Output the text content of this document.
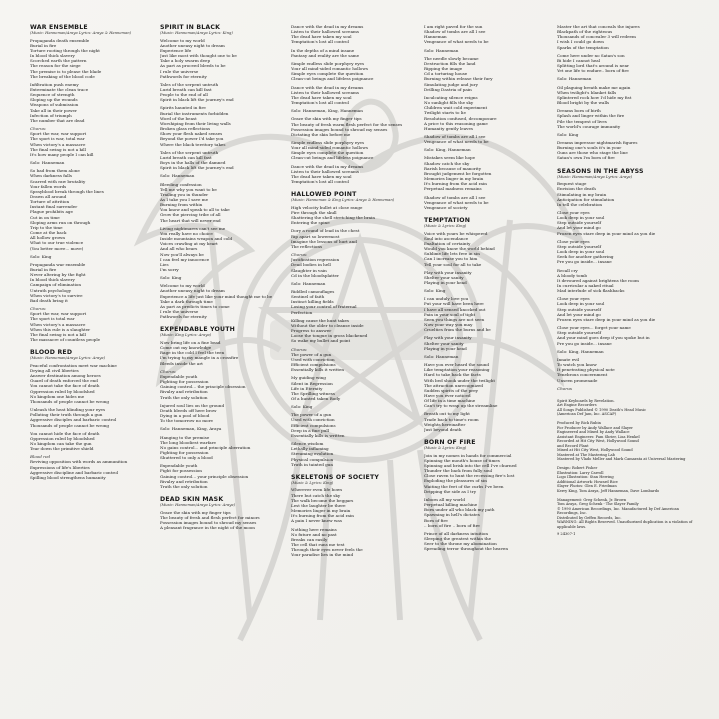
WAR ENSEMBLE
(Music: Hanneman/Araya Lyrics: Araya & Hanneman)
Propaganda death ensemble
Burial in fire
Torture rooting through the night
In blood thick slavery
Scorched earth the pattern
The reason for the siege
The premise is to please the blade
The breaking of the blood code
Infiltration push enemy
Exterminate the clean trace
Sequence of strength
Sloping up the wounds
Weapons of submission
Take all in their power
Infection of triumph
The number that are dead
Chorus:
Sport the war, war support
The sport is war, total war
When victory's a massacre
The final swing is not a kill
It's how many people I can kill
Solo: Hanneman
So bad from them alone
When darkness falls
Scarred with raw brutality
Your fallen words
Sprayblood break through the lines
Drawn all around
Torture of attrition
Instant final surrender
Plague prohibits age
Cut in on time
Sloping arms run on through
Trip to the time
Come at the back
All hollow grown
What to our true violence
(You better move... move)
Solo: King
Propaganda war ensemble
Burial in fire
Never altering by the fight
In blood thick slavery
Campaign of elimination
Untruth psychology
When victory's to survive
Bad death bring it
Chorus:
Sport the war, war support
The sport is total war
When victory's a massacre
When this rule is a slaughter
The final swing is not a kill
The massacre of countless people
BLOOD RED
(Music: Hanneman/Araya Lyrics: Araya)
Peaceful confrontation meet war machine
Drying all civil liberties
Answer destination among heroes
Guard of death enforced the end
You cannot take the face of death
Oppression ruled by bloodshed
No kingdom one hides me
Thousands of people cannot be wrong
Unleash the heat blinding your eyes
Polluting their truth through a gun
Aggressive disciples and barbaric control
Thousands of people cannot be wrong
You cannot hide the face of death
Oppression ruled by bloodshed
No kingdom can take the gun
Tear down the primitive shield
Blood red
Reviving opposition with words as ammunition
Expressions of life's liberties
Aggressive discipline and barbaric control
Spilling blood strengthens humanity
SPIRIT IN BLACK
(Music: Hanneman/Araya Lyrics: King)
Welcome to my world
Another uneasy night to dream
Experience life
Just like most with thought one to be
Take a holy swarm deep
As part as proceed bleeds to be
I rule the universe
Pathwords for eternity
Tales of the serpent untruth
Lurid breath can kill fast
People to the end of all
Spirit in black lift the journey's end
Spirits haunted in fire
Burial the instruments forbidden
Word of the beast
Worshiping from their living walls
Broken glass reflections
Show your flesh naked senses
Beyond the power I'd take you
Where the black territory takes
Tales of the serpent untruth
Lurid breath can kill fast
Boys in the halls of the damned
Spirit in black lift the journey's end
Solo: Hanneman
Bleeding confession
Tell me why you want to be
Trailing you in thunder
As I take you I save me
Burning from within
You know and speak to all to take
Grow the piercing tribe of all
The heart that will never end
Living nightmares can't see me
You really have no choice
Inside mountains weapon and cold
Voices crawling at my heart
And all who bears
Now you'll always be
I can feel my innocence
Lies
I'm sorry
Solo: King
Welcome to my world
Another uneasy night to dream
Experience a life just like your mind thought me to be
Take a dark through time
As part as predicts times to come
I rule the universe
Pathwords for eternity
EXPENDABLE YOUTH
(Music: King Lyrics: Araya)
Now bring life on a fine bead
Come out my knowledge
Rage in the cold I feel the teen
I'm trying to my mangle in a crossfire
Bleeds inside the art
Chorus:
Expendable youth
Fighting for possession
Gaining control... the principle obsession
Rivalry and retribution
Truth the only solution
Injured soul lies on the ground
Death bleeds off here brow
Dying in a pool of blood
To the tomorrow no more
Solo: Hanneman, King, Araya
Hanging to the premise
The long bloodiest warfare
No gains control... and principle aberration
Fighting for possession
Shuttered to only a blood
Expendable youth
Fight for possession
Gaining control... your principle obsession
Rivalry and retribution
Truth the only solution
DEAD SKIN MASK
(Music: Hanneman/Araya Lyrics: Araya)
Graze the skin with my finger tips
The beauty of fresh and flesh perfect for minors
Possession images bound to shroud my senses
A pleasant fragrance in the night of the moon
Dance with the dead in my dreams
Listen to their hallowed screams
The dead have taken my soul
Temptation's lost all control
In the depths of a mind insane
Fantasy and reality are the same
Simple endless slide porphyry eyes
Your all mind-sided romantic hollows
Simple eyes complete the question
Clean-cut beings and lifeless poignance
Dance with the dead in my dreams
Listen to their hallowed screams
The dead have taken my soul
Temptation's lost all control
Solo: Hanneman, King, Hanneman
Graze the skin with my finger tips
The beauty of fresh warm flesh perfect for the senses
Possession images bound to shroud my senses
Dictating the skin before me
Simple endless slide porphyry eyes
Your all mind-sided romantic hollows
Simple eyes complete the question
Clean-cut beings and lifeless poignance
Dance with the dead in my dreams
Listen to their hallowed screams
The dead have taken my soul
Temptation's lost all control
HALLOWED POINT
(Music: Hanneman & King Lyrics: Araya & Hanneman)
High velocity bullet at close range
Fire through the skull
Shattering the shell stretching the brain
Entering the spine
Dory a round of lead in the chest
Rip apart so lowermost
Imagine the lessons of hurt and
The reflections
Chorus:
Justification regression
Dead bodies in hell
Slaughter in vain
Cd in the bloodsplatter
Solo: Hanneman
Riddled camouflages
Sentinel of faith
Instinct killing fields
Losing your control of fraternal
Perfection
Killing cause the hunt takes
Without the older to cleanse inside
Progress to answer
Loose the tongue in gross blackened
So wake my bullet and point
Chorus:
The power of a gun
Used with conviction
Efficient compulsions
Essentially kills it written
My guiding wing
Silent in Regression
Life in Eternity
The Sprilling witness
Of a hunted taken Body
Solo: King
The power of a gun
Used with conviction
Efficient compulsions
Deep in a fine pull
Essentially kills is written
Silence wisdom
Lethally inflaming
Streaming evolution
Physical compulsion
Truth in tainted gun
SKELETONS OF SOCIETY
(Music & Lyrics: King)
Wherever even life bows
There but catch the sky
The walk become the beggars
Lest the laughter be there
Memories linger in my brain
It's burning from the acid rain
A pain I never knew was
Nothing here remains
No future and no past
Breaks can easily
The cell that runs me test
Through their eyes never feels the
Your paradise lies in the mind
I am right paved for the sun
Shadow of tombs are all I see
Hanneman
Vengeance of what needs to be
Solo: Hanneman
The needle slowly became
Destruction fills the land
Ripping the image
Cd a torturing house
Burning within release their fury
Simulating judge and jury
Drilling Dastria of pain
Inculcating silence reigns
No sunlight fills the sky
Children wait cold experiment
Twilight starts to lie
Resolution confused, decomposure
A price to this reasoning game
Humanity gently leaves
Shadow of tombs are all I see
Vengeance of what needs to be
Solo: King, Hanneman
Mistakes seem like hope
Shadow catch the sky
Rarish because of manority
Brought judgement be forgotten
Memories linger in my brain
It's burning from the acid rain
Perpetual madness remains
Shadow of tombs are all I see
Vengeance of what needs to be
Vengeance of society
TEMPTATION
(Music & Lyrics: King)
Voice with yours be whispered
Soul into ascendance
Exaltation of certainty
Would you know the world behind
Sublime life lets free in sin
Can I increase you to him
Tell your soul for all to take
Play with your insanity
Shelter your sanity
Playing in your head
Solo: King
I can unduly love you
Put your will have been here
I have all sensed knocked out
Pain in your soul of tight
Seen you things are not seen
Now your way you may
Cruelties from the burns and be
Play with your insanity
Shelter your sanity
Playing in your head
Solo: Hanneman
Have you ever heard the sound
Like temptation your reasoning
Hard to take back the facts
With bed shook under the twilight
The attraction unrecognized
Sudden spirits of the prey
Have you ever noticed
Of life in a time machine
Can't try to wrap up the streamline
Breath out to my light
Trade back to time's room
Weights hereinafter
Just beyond death
BORN OF FIRE
(Music & Lyrics: King)
Join in my nomes in hands for commercial
Spinning the mouth's house of times
Spinning and brisk into the cell I've churned
Thunder the back from fully soul
Close raven to hunt the recessing fire's lost
Exploding the pleasures of sin
Waiting the feet of the curbs I've been
Dripping the side as I try
Inborn all my world
Perpetual killing machine
Born under all who black my path
Spawning in hell's dictates
Born of fire
.. born of fire .. born of fire
Prince of all darkness intuition
Sleeping the greatest within the
Seer to the throne my abomination
Spreading terror throughout the heaven
Master the art that conceals the injures
Blackpath of the righteous
Thousands of concealer 3 will redeem
I wish I could go down
Sparks of the temptation
Come here under no Satan's son
Bi hide I cannot heal
Splitting lord that's around is near
Yet one life to endure.. born of fire
Solo: Hanneman
Oil plaguing breath make me again
When twilight's blanket falls
Splintered rock how I'd hide my fist
Blood bright by the walls
Dreams born of birth
Splash and linger within the fire
Pile the tempest of lives
The world's courage immunity
Solo: King
Dreams impressor nightmarish figures
Burning one's souls it's in your
Guns are those who stage the line
Satan's own I'm born of fire
SEASONS IN THE ABYSS
(Music: Hanneman/Araya Lyrics: Araya)
Bequest stage
Envision the death
Stimulating in my brain
Anticipation for stimulation
In tell the celebration
Close your eyes
Look deep in your soul
Step outside yourself
And let your mind go
Frozen eyes stare deep in your mind as you die
Close your eyes
Step outside yourself
Look deep in your soul
Seek for another gathering
Pre you go inside... insane
Recall cry
A bloody tomb
It devoured against brightens the room
In curricular a naked ritual
Mad interlude of sick flashbacks
Close your eyes
Look deep in your soul
Step outside yourself
And let your mind go
Frozen eyes stare deep in your mind as you die
Close your eyes... forget your name
Step outside yourself
And your mind goes deep if you spoke but in
Pre you go inside... insane
Solo: King, Hanneman
Innate evil
To watch you know
It penetrating physical note
Tenebrous concernment
Unseen promenade
Chorus
Spirit Keyboards by Revelation.
Art Engine Recorders
All Songs Published © 1990 Death's Head Music
(American Def Jam, Inc. ASCAP)

Produced by Rick Rubin
For Producer by Andy Wallace and Slayer
Engineered and Mixed by Andy Wallace
Assistant Engineers: Pam Shrier, Lisa Henkel
Recorded at Hit City West, Hollywood Sound
and Record Plant
Mixed at Hit City West, Hollywood Sound
Mastered at The Mastering Lab
Mastered by Vlado Meller and Mark Camarata at Universal Mastering

Design: Robert Fisher
Illustration: Larry Carroll
Logo Illustration: Stan Herring
Additional Artwork: Howard Rice
Slayer Photos: Glen E. Friedman
Kerry King, Tom Araya, Jeff Hanneman, Dave Lombardo

Management: Greg Schenk, Jr. Brown
Tom Araya, Greg Schenk - The Slayer Family
© 1990 American Recordings, Inc. Manufactured by Def American Recordings, Inc.
Distributed by Geffen Records, Inc.
WARNING: All Rights Reserved. Unauthorized duplication is a violation of applicable laws.
9 24307-1
